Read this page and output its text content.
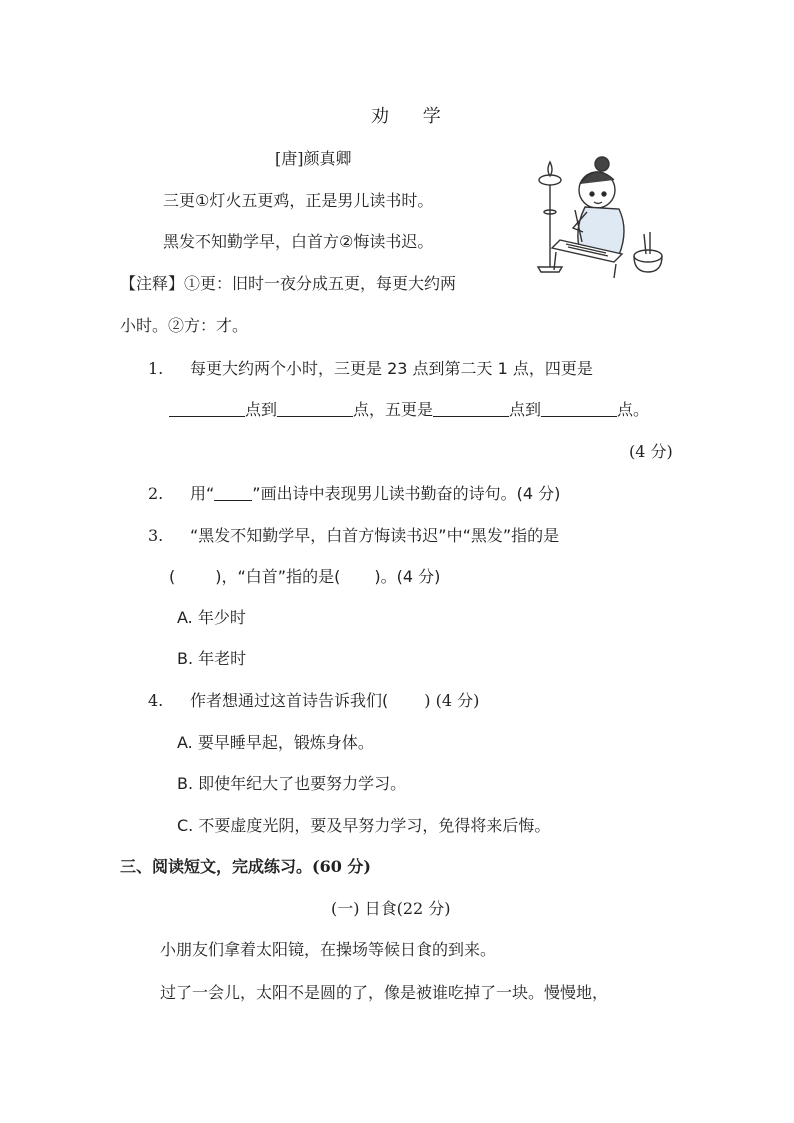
劝 学
[唐]颜真卿
三更①灯火五更鸡，正是男儿读书时。
黑发不知勤学早，白首方②悔读书迟。
【注释】①更：旧时一夜分成五更，每更大约两
小时。②方：才。
1. 每更大约两个小时，三更是 23 点到第二天 1 点，四更是
点到	点，五更是	点到	点。
(4 分)
2. 用“ ”画出诗中表现男儿读书勤奋的诗句。(4 分)
3. “黑发不知勤学早，白首方悔读书迟”中“黑发”指的是
(	)，“白首”指的是( )。(4 分)
A. 年少时
B. 年老时
4. 作者想通过这首诗告诉我们( ) (4 分)
A. 要早睡早起，锻炼身体。
B. 即使年纪大了也要努力学习。
C. 不要虚度光阴，要及早努力学习，免得将来后悔。
三、阅读短文，完成练习。(60 分)
(一) 日食(22 分)
小朋友们拿着太阳镜，在操场等候日食的到来。
过了一会儿，太阳不是圆的了，像是被谁吃掉了一块。慢慢地，
